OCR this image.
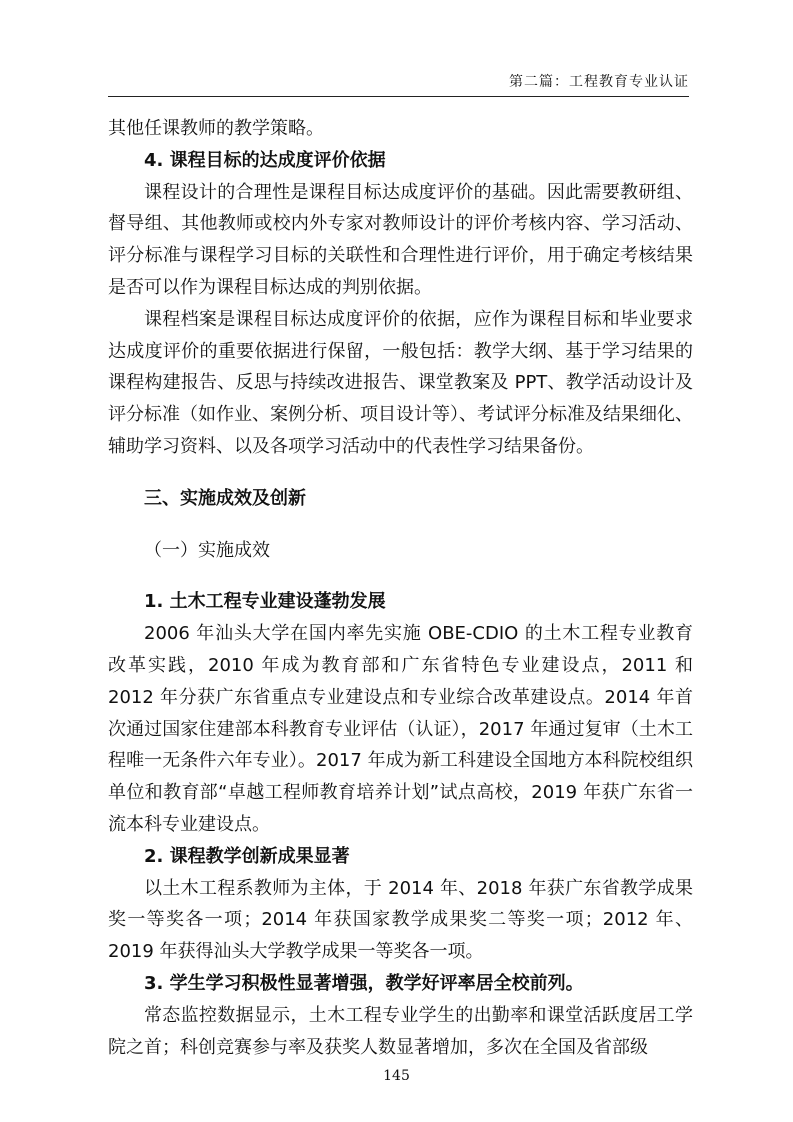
第二篇：工程教育专业认证

其他任课教师的教学策略。

4. 课程目标的达成度评价依据

课程设计的合理性是课程目标达成度评价的基础。因此需要教研组、督导组、其他教师或校内外专家对教师设计的评价考核内容、学习活动、评分标准与课程学习目标的关联性和合理性进行评价，用于确定考核结果是否可以作为课程目标达成的判别依据。

课程档案是课程目标达成度评价的依据，应作为课程目标和毕业要求达成度评价的重要依据进行保留，一般包括：教学大纲、基于学习结果的课程构建报告、反思与持续改进报告、课堂教案及 PPT、教学活动设计及评分标准（如作业、案例分析、项目设计等）、考试评分标准及结果细化、辅助学习资料、以及各项学习活动中的代表性学习结果备份。

三、实施成效及创新

（一）实施成效

1. 土木工程专业建设蓬勃发展

2006 年汕头大学在国内率先实施 OBE-CDIO 的土木工程专业教育改革实践，2010 年成为教育部和广东省特色专业建设点，2011 和 2012 年分获广东省重点专业建设点和专业综合改革建设点。2014 年首次通过国家住建部本科教育专业评估（认证），2017 年通过复审（土木工程唯一无条件六年专业）。2017 年成为新工科建设全国地方本科院校组织单位和教育部“卓越工程师教育培养计划”试点高校，2019 年获广东省一流本科专业建设点。

2. 课程教学创新成果显著

以土木工程系教师为主体，于 2014 年、2018 年获广东省教学成果奖一等奖各一项；2014 年获国家教学成果奖二等奖一项；2012 年、2019 年获得汕头大学教学成果一等奖各一项。

3. 学生学习积极性显著增强，教学好评率居全校前列。

常态监控数据显示，土木工程专业学生的出勤率和课堂活跃度居工学院之首；科创竞赛参与率及获奖人数显著增加，多次在全国及省部级

145
